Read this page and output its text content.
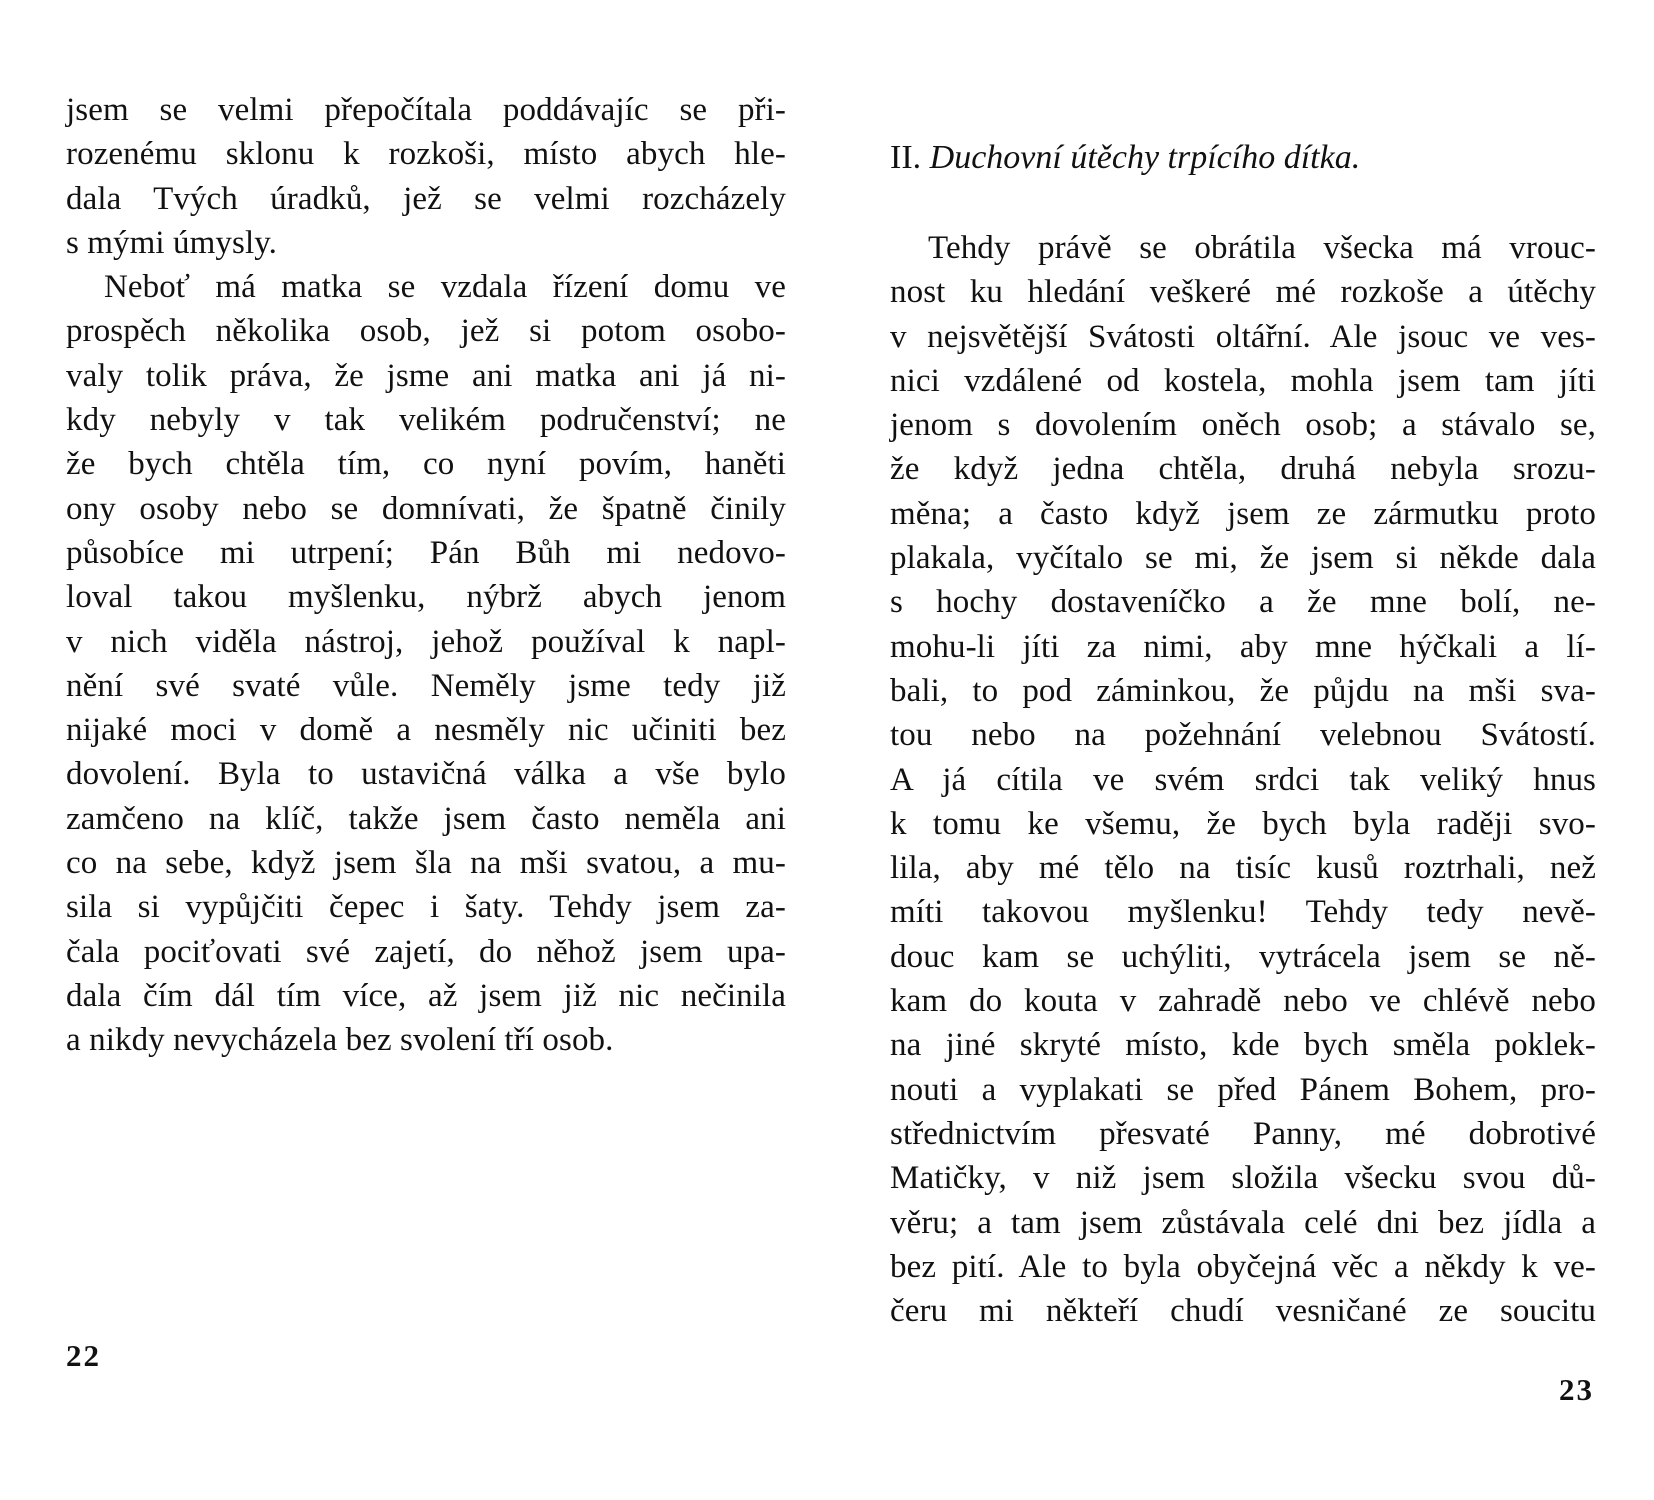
jsem se velmi přepočítala poddávajíc se při-
rozenému sklonu k rozkoši, místo abych hle-
dala Tvých úradků, jež se velmi rozcházely
s mými úmysly.
Neboť má matka se vzdala řízení domu ve
prospěch několika osob, jež si potom osobo-
valy tolik práva, že jsme ani matka ani já ni-
kdy nebyly v tak velikém područenství; ne
že bych chtěla tím, co nyní povím, haněti
ony osoby nebo se domnívati, že špatně činily
působíce mi utrpení; Pán Bůh mi nedovo-
loval takou myšlenku, nýbrž abych jenom
v nich viděla nástroj, jehož používal k napl-
nění své svaté vůle. Neměly jsme tedy již
nijaké moci v domě a nesměly nic učiniti bez
dovolení. Byla to ustavičná válka a vše bylo
zamčeno na klíč, takže jsem často neměla ani
co na sebe, když jsem šla na mši svatou, a mu-
sila si vypůjčiti čepec i šaty. Tehdy jsem za-
čala pociťovati své zajetí, do něhož jsem upa-
dala čím dál tím více, až jsem již nic nečinila
a nikdy nevycházela bez svolení tří osob.
22
II. Duchovní útěchy trpícího dítka.
Tehdy právě se obrátila všecka má vrouc-
nost ku hledání veškeré mé rozkoše a útěchy
v nejsvětější Svátosti oltářní. Ale jsouc ve ves-
nici vzdálené od kostela, mohla jsem tam jíti
jenom s dovolením oněch osob; a stávalo se,
že když jedna chtěla, druhá nebyla srozu-
měna; a často když jsem ze zármutku proto
plakala, vyčítalo se mi, že jsem si někde dala
s hochy dostaveníčko a že mne bolí, ne-
mohu-li jíti za nimi, aby mne hýčkali a lí-
bali, to pod záminkou, že půjdu na mši sva-
tou nebo na požehnání velebnou Svátostí.
A já cítila ve svém srdci tak veliký hnus
k tomu ke všemu, že bych byla raději svo-
lila, aby mé tělo na tisíc kusů roztrhali, než
míti takovou myšlenku! Tehdy tedy nevě-
douc kam se uchýliti, vytrácela jsem se ně-
kam do kouta v zahradě nebo ve chlévě nebo
na jiné skryté místo, kde bych směla poklek-
nouti a vyplakati se před Pánem Bohem, pro-
střednictvím přesvaté Panny, mé dobrotivé
Matičky, v niž jsem složila všecku svou dů-
věru; a tam jsem zůstávala celé dni bez jídla a
bez pití. Ale to byla obyčejná věc a někdy k ve-
čeru mi někteří chudí vesničané ze soucitu
23
